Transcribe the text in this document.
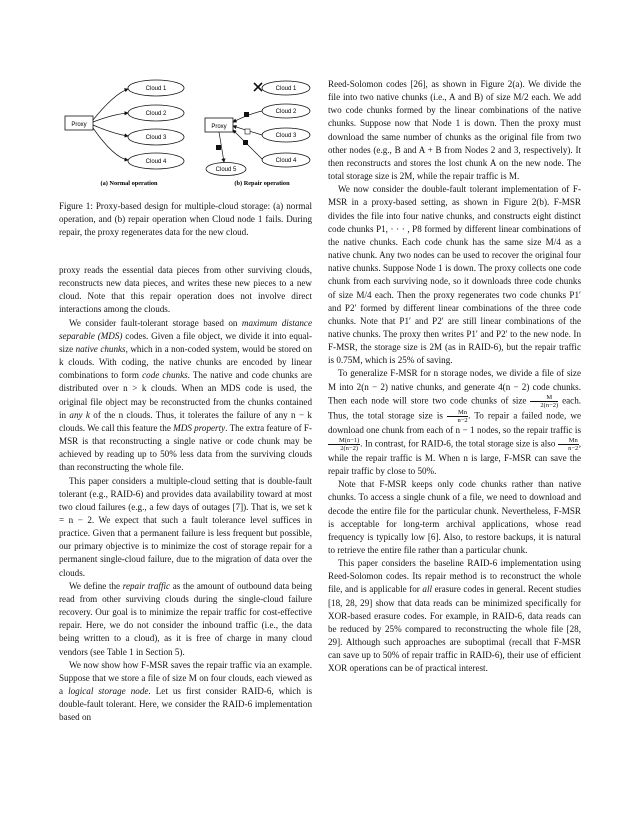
Proxy
Cloud 1
Cloud 2
Cloud 3
Cloud 4
(a) Normal operation
Proxy
Cloud 1
Cloud 2
Cloud 3
Cloud 4
Cloud 5
(b) Repair operation
Figure 1: Proxy-based design for multiple-cloud storage: (a) normal operation, and (b) repair operation when Cloud node 1 fails. During repair, the proxy regenerates data for the new cloud.

proxy reads the essential data pieces from other surviving clouds, reconstructs new data pieces, and writes these new pieces to a new cloud. Note that this repair operation does not involve direct interactions among the clouds.

We consider fault-tolerant storage based on maximum distance separable (MDS) codes. Given a file object, we divide it into equal-size native chunks, which in a non-coded system, would be stored on k clouds. With coding, the native chunks are encoded by linear combinations to form code chunks. The native and code chunks are distributed over n > k clouds. When an MDS code is used, the original file object may be reconstructed from the chunks contained in any k of the n clouds. Thus, it tolerates the failure of any n − k clouds. We call this feature the MDS property. The extra feature of F-MSR is that reconstructing a single native or code chunk may be achieved by reading up to 50% less data from the surviving clouds than reconstructing the whole file.

This paper considers a multiple-cloud setting that is double-fault tolerant (e.g., RAID-6) and provides data availability toward at most two cloud failures (e.g., a few days of outages [7]). That is, we set k = n − 2. We expect that such a fault tolerance level suffices in practice. Given that a permanent failure is less frequent but possible, our primary objective is to minimize the cost of storage repair for a permanent single-cloud failure, due to the migration of data over the clouds.

We define the repair traffic as the amount of outbound data being read from other surviving clouds during the single-cloud failure recovery. Our goal is to minimize the repair traffic for cost-effective repair. Here, we do not consider the inbound traffic (i.e., the data being written to a cloud), as it is free of charge in many cloud vendors (see Table 1 in Section 5).

We now show how F-MSR saves the repair traffic via an example. Suppose that we store a file of size M on four clouds, each viewed as a logical storage node. Let us first consider RAID-6, which is double-fault tolerant. Here, we consider the RAID-6 implementation based on

Reed-Solomon codes [26], as shown in Figure 2(a). We divide the file into two native chunks (i.e., A and B) of size M/2 each. We add two code chunks formed by the linear combinations of the native chunks. Suppose now that Node 1 is down. Then the proxy must download the same number of chunks as the original file from two other nodes (e.g., B and A + B from Nodes 2 and 3, respectively). It then reconstructs and stores the lost chunk A on the new node. The total storage size is 2M, while the repair traffic is M.

We now consider the double-fault tolerant implementation of F-MSR in a proxy-based setting, as shown in Figure 2(b). F-MSR divides the file into four native chunks, and constructs eight distinct code chunks P1, · · · , P8 formed by different linear combinations of the native chunks. Each code chunk has the same size M/4 as a native chunk. Any two nodes can be used to recover the original four native chunks. Suppose Node 1 is down. The proxy collects one code chunk from each surviving node, so it downloads three code chunks of size M/4 each. Then the proxy regenerates two code chunks P1′ and P2′ formed by different linear combinations of the three code chunks. Note that P1′ and P2′ are still linear combinations of the native chunks. The proxy then writes P1′ and P2′ to the new node. In F-MSR, the storage size is 2M (as in RAID-6), but the repair traffic is 0.75M, which is 25% of saving.

To generalize F-MSR for n storage nodes, we divide a file of size M into 2(n − 2) native chunks, and generate 4(n − 2) code chunks. Then each node will store two code chunks of size $\frac{M}{2(n-2)}$ each. Thus, the total storage size is $\frac{Mn}{n-2}$ . To repair a failed node, we download one chunk from each of n − 1 nodes, so the repair traffic is
$\frac{M(n-1)}{2(n-2)}$ . In contrast, for RAID-6, the total storage size is also $\frac{Mn}{n-2}$ , while the repair traffic is M. When n is large, F-MSR can save the repair traffic by close to 50%.

Note that F-MSR keeps only code chunks rather than native chunks. To access a single chunk of a file, we need to download and decode the entire file for the particular chunk. Nevertheless, F-MSR is acceptable for long-term archival applications, whose read frequency is typically low [6]. Also, to restore backups, it is natural to retrieve the entire file rather than a particular chunk.

This paper considers the baseline RAID-6 implementation using Reed-Solomon codes. Its repair method is to reconstruct the whole file, and is applicable for all erasure codes in general. Recent studies [18, 28, 29] show that data reads can be minimized specifically for XOR-based erasure codes. For example, in RAID-6, data reads can be reduced by 25% compared to reconstructing the whole file [28, 29]. Although such approaches are suboptimal (recall that F-MSR can save up to 50% of repair traffic in RAID-6), their use of efficient XOR operations can be of practical interest.
